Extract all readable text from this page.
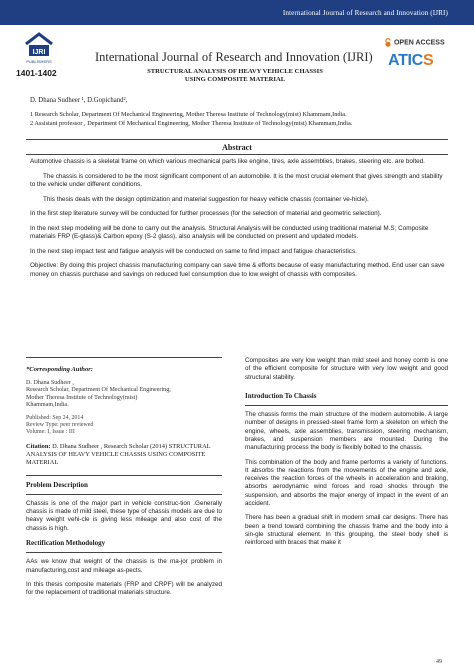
International Journal of Research and Innovation (IJRI)
IJRI
PUBLISHERS
1401-1402
International Journal of Research and Innovation (IJRI)
STRUCTURAL ANALYSIS OF HEAVY VEHICLE CHASSIS
USING COMPOSITE MATERIAL
OPEN ACCESS
ATICS
D. Dhana Sudheer ¹, D.Gopichand²,
1 Research Scholar, Department Of Mechanical Engineering, Mother Theresa Institute of Technology(mist) Khammam,India.
2 Assistant professor , Department Of Mechanical Engineering, Mother Theresa Institute of Technology(mist) Khammam,India.
Abstract

Automotive chassis is a skeletal frame on which various mechanical parts like engine, tires, axle assemblies, brakes, steering etc. are bolted.

The chassis is considered to be the most significant component of an automobile. It is the most crucial element that gives strength and stability to the vehicle under different conditions.

This thesis deals with the design optimization and material suggestion for heavy vehicle chassis (container ve-hicle).

In the first step literature survey will be conducted for further processes (for the selection of material and geometric selection).

In the next step modeling will be done to carry out the analysis. Structural Analysis will be conducted using traditional material M.S; Composite materials FRP (E-glass)& Carbon epoxy (S-2 glass), also analysis will be conducted on present and updated models.

In the next step impact test and fatigue analysis will be conducted on same to find impact and fatigue characteristics.

Objective: By doing this project chassis manufacturing company can save time & efforts because of easy manufacturing method. End user can save money on chassis purchase and savings on reduced fuel consumption due to low weight of chassis with composites.

*Corresponding Author:
D. Dhana Sudheer ,
Research Scholar, Department Of Mechanical Engineering,
Mother Theresa Institute of Technology(mist)
Khammam,India.
Published: Sep 24, 2014
Review Type: peer reviewed
Volume: I, Issue : III
Citation: D. Dhana Sudheer , Research Scholar (2014) STRUCTURAL ANALYSIS OF HEAVY VEHICLE CHASSIS USING COMPOSITE MATERIAL
Problem Description

Chassis is one of the major part in vehicle construc-tion .Generally chassis is made of mild steel, these type of chassis models are due to heavy weight vehi-cle is giving less mileage and also cost of the chassis is high.

Rectification Methodology

AAs we know that weight of the chassis is the ma-jor problem in manufacturing,cost and mileage as-pects.

In this thesis composite materials (FRP and CRPF) will be analyzed for the replacement of traditional materials structure.

Composites are very low weight than mild steel and honey comb is one of the efficient composite for structure with very low weight and good structural stability.

Introduction To Chassis

The chassis forms the main structure of the modern automobile. A large number of designs in pressed-steel frame form a skeleton on which the engine, wheels, axle assemblies, transmission, steering mechanism, brakes, and suspension members are mounted. During the manufacturing process the body is flexibly bolted to the chassis.

This combination of the body and frame performs a variety of functions. It absorbs the reactions from the movements of the engine and axle, receives the reaction forces of the wheels in acceleration and braking, absorbs aerodynamic wind forces and road shocks through the suspension, and absorbs the major energy of impact in the event of an accident.

There has been a gradual shift in modern small car designs. There has been a trend toward combining the chassis frame and the body into a sin-gle structural element. In this grouping, the steel body shell is reinforced with braces that make it

49
